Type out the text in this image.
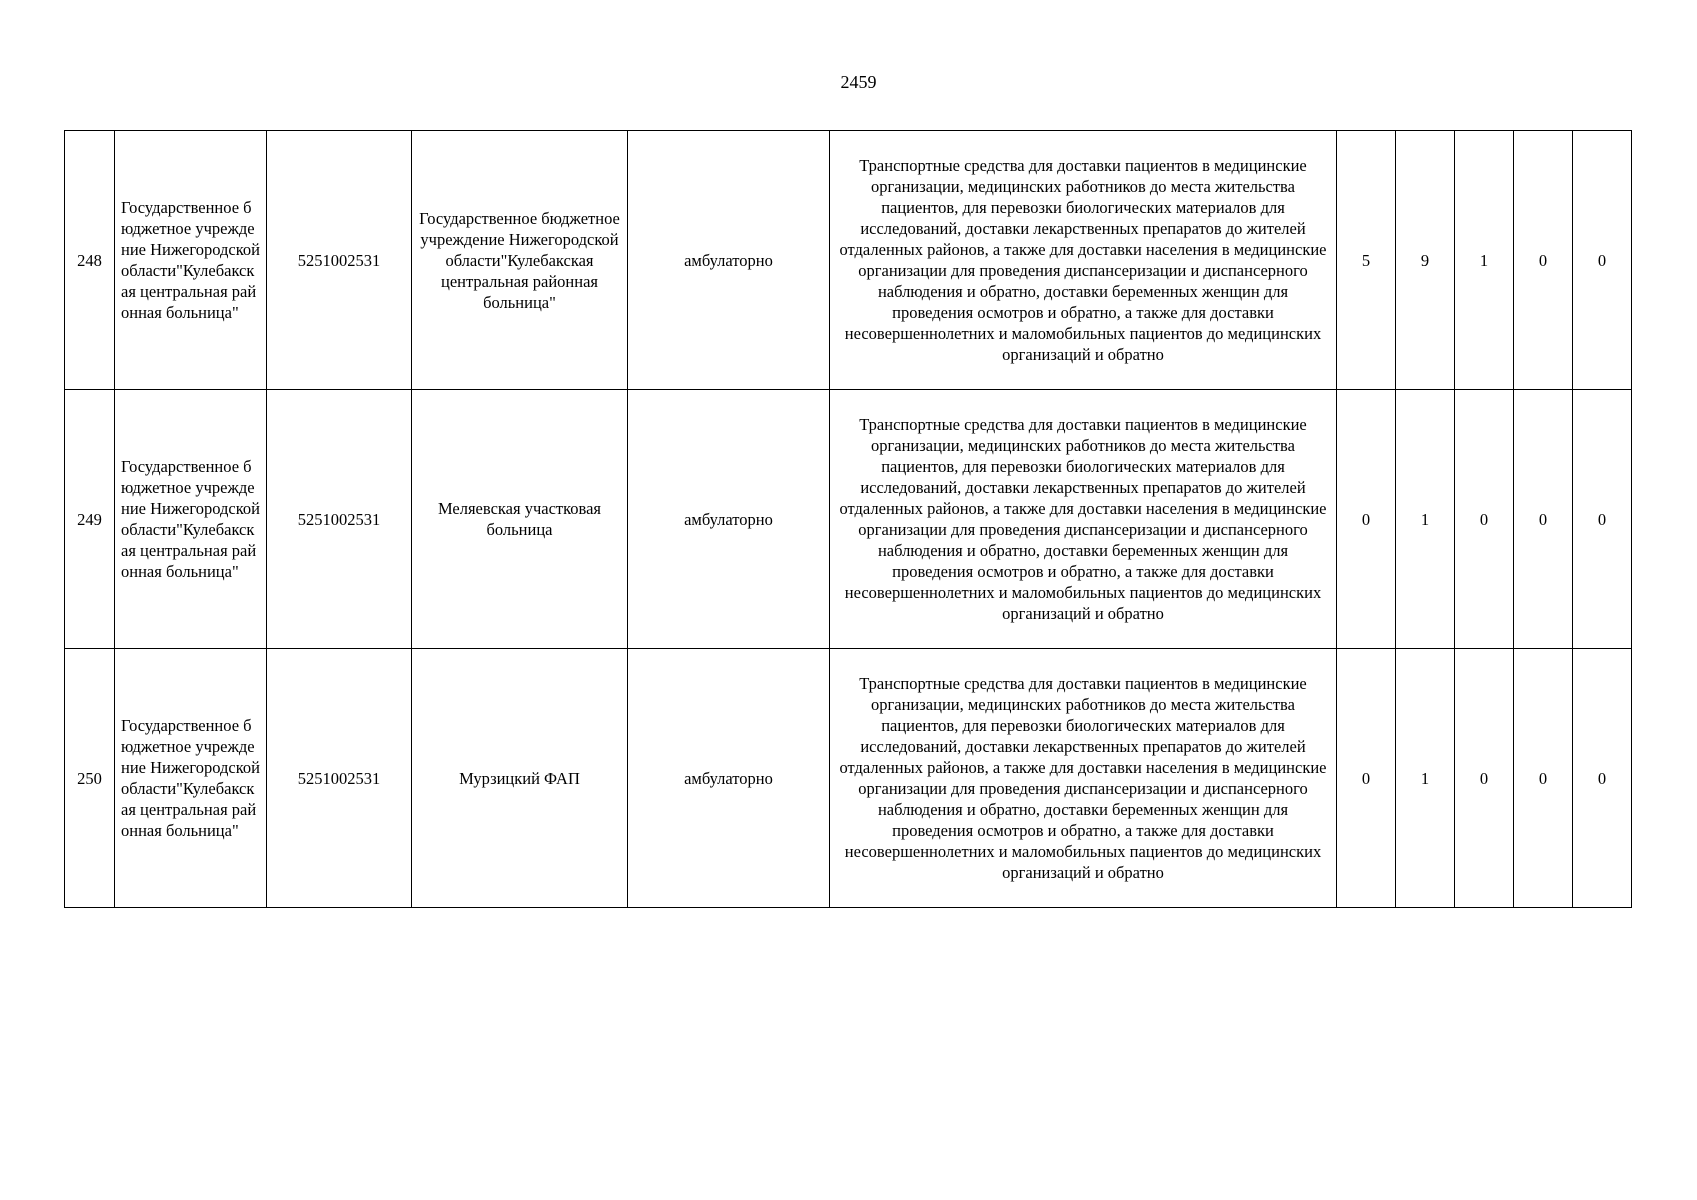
2459
248	Государственное бюджетное учреждение Нижегородской области"Кулебакская центральная районная больница"	5251002531	Государственное бюджетное учреждение Нижегородской области"Кулебакская центральная районная больница"	амбулаторно	Транспортные средства для доставки пациентов в медицинские организации, медицинских работников до места жительства пациентов, для перевозки биологических материалов для исследований, доставки лекарственных препаратов до жителей отдаленных районов, а также для доставки населения в медицинские организации для проведения диспансеризации и диспансерного наблюдения и обратно, доставки беременных женщин для проведения осмотров и обратно, а также для доставки несовершеннолетних и маломобильных пациентов до медицинских организаций и обратно	5	9	1	0	0
249	Государственное бюджетное учреждение Нижегородской области"Кулебакская центральная районная больница"	5251002531	Меляевская участковая больница	амбулаторно	Транспортные средства для доставки пациентов в медицинские организации, медицинских работников до места жительства пациентов, для перевозки биологических материалов для исследований, доставки лекарственных препаратов до жителей отдаленных районов, а также для доставки населения в медицинские организации для проведения диспансеризации и диспансерного наблюдения и обратно, доставки беременных женщин для проведения осмотров и обратно, а также для доставки несовершеннолетних и маломобильных пациентов до медицинских организаций и обратно	0	1	0	0	0
250	Государственное бюджетное учреждение Нижегородской области"Кулебакская центральная районная больница"	5251002531	Мурзицкий ФАП	амбулаторно	Транспортные средства для доставки пациентов в медицинские организации, медицинских работников до места жительства пациентов, для перевозки биологических материалов для исследований, доставки лекарственных препаратов до жителей отдаленных районов, а также для доставки населения в медицинские организации для проведения диспансеризации и диспансерного наблюдения и обратно, доставки беременных женщин для проведения осмотров и обратно, а также для доставки несовершеннолетних и маломобильных пациентов до медицинских организаций и обратно	0	1	0	0	0
